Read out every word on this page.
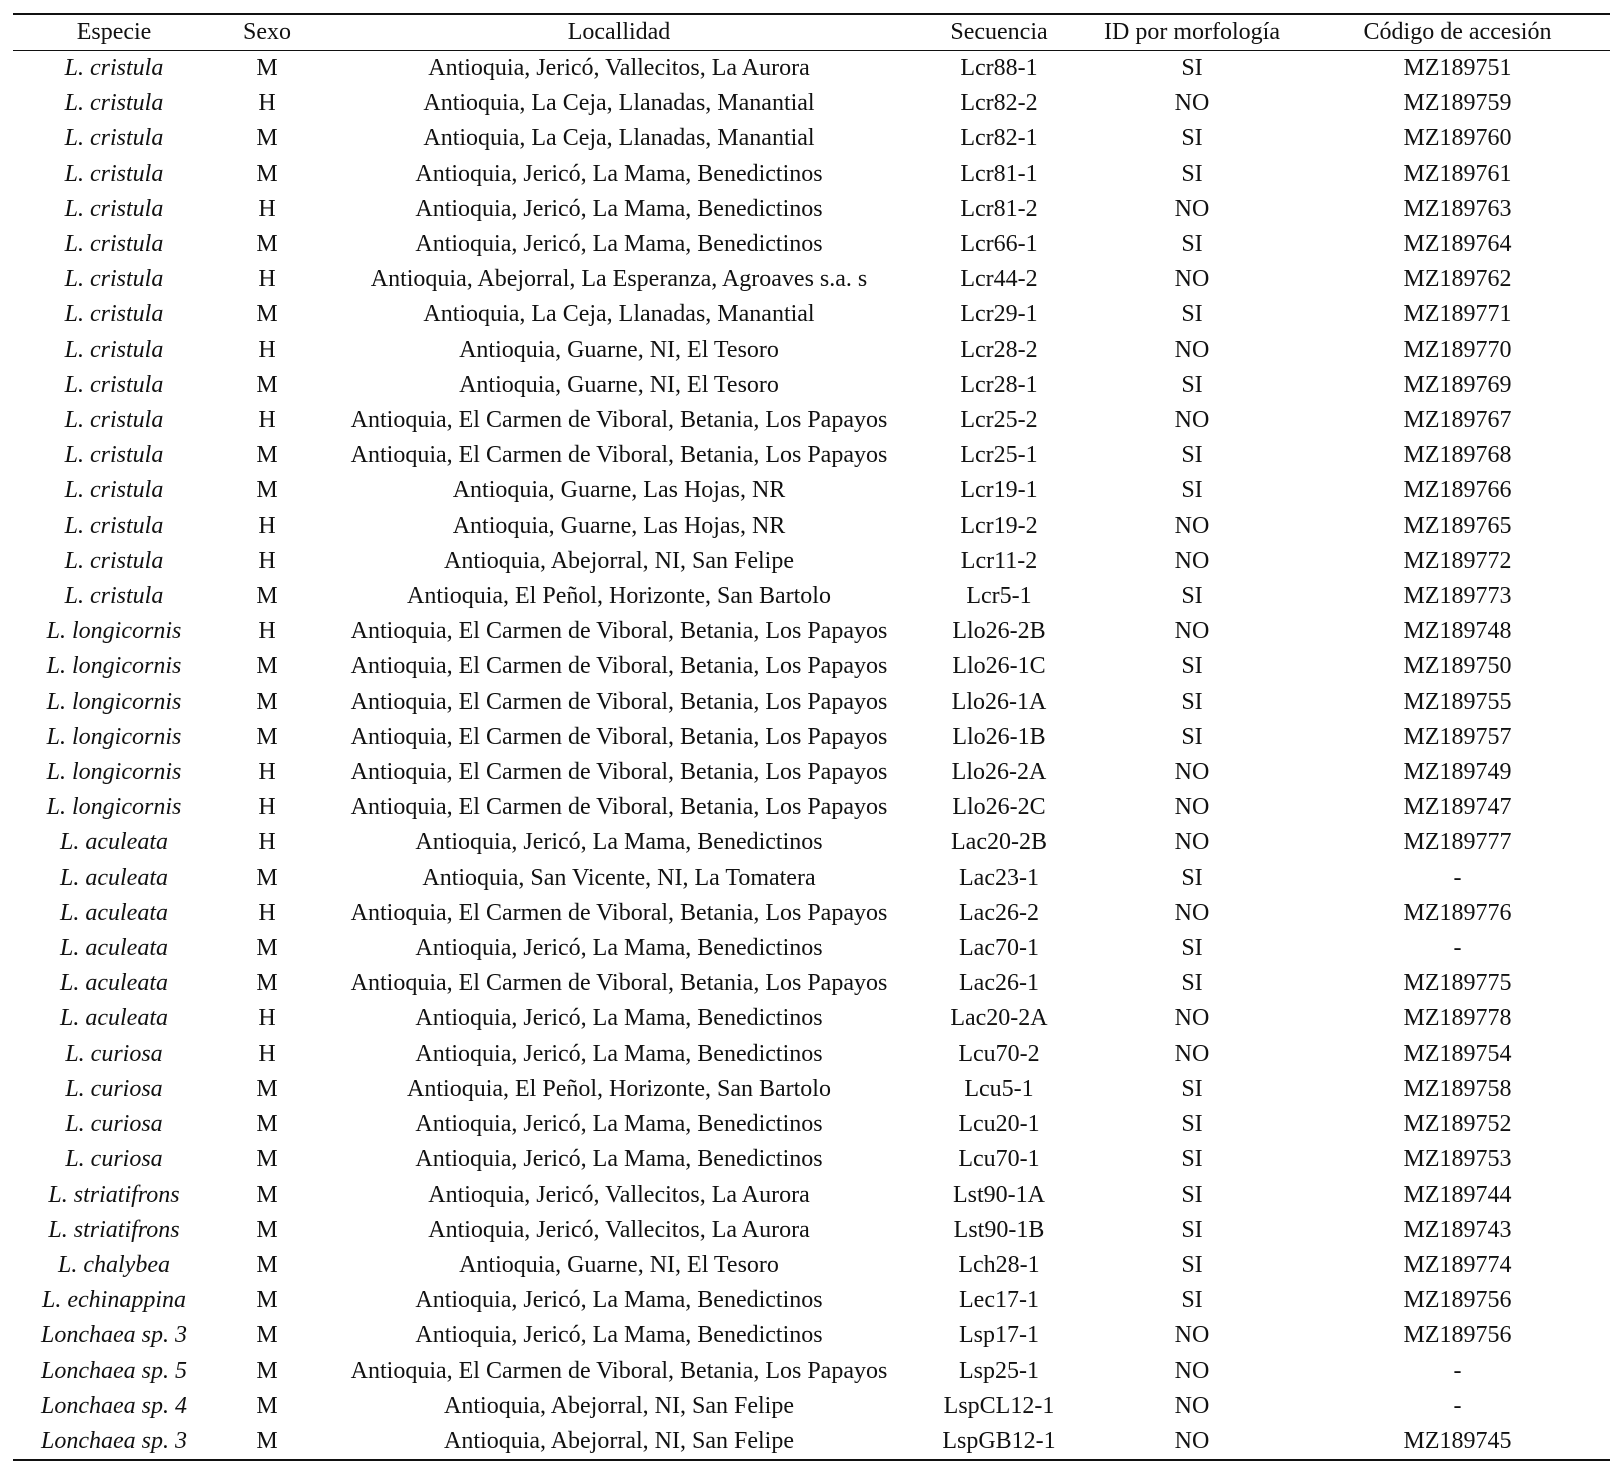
Especie	Sexo	Locallidad	Secuencia	ID por morfología	Código de accesión
L. cristula	M	Antioquia, Jericó, Vallecitos, La Aurora	Lcr88-1	SI	MZ189751
L. cristula	H	Antioquia, La Ceja, Llanadas, Manantial	Lcr82-2	NO	MZ189759
L. cristula	M	Antioquia, La Ceja, Llanadas, Manantial	Lcr82-1	SI	MZ189760
L. cristula	M	Antioquia, Jericó, La Mama, Benedictinos	Lcr81-1	SI	MZ189761
L. cristula	H	Antioquia, Jericó, La Mama, Benedictinos	Lcr81-2	NO	MZ189763
L. cristula	M	Antioquia, Jericó, La Mama, Benedictinos	Lcr66-1	SI	MZ189764
L. cristula	H	Antioquia, Abejorral, La Esperanza, Agroaves s.a. s	Lcr44-2	NO	MZ189762
L. cristula	M	Antioquia, La Ceja, Llanadas, Manantial	Lcr29-1	SI	MZ189771
L. cristula	H	Antioquia, Guarne, NI, El Tesoro	Lcr28-2	NO	MZ189770
L. cristula	M	Antioquia, Guarne, NI, El Tesoro	Lcr28-1	SI	MZ189769
L. cristula	H	Antioquia, El Carmen de Viboral, Betania, Los Papayos	Lcr25-2	NO	MZ189767
L. cristula	M	Antioquia, El Carmen de Viboral, Betania, Los Papayos	Lcr25-1	SI	MZ189768
L. cristula	M	Antioquia, Guarne, Las Hojas, NR	Lcr19-1	SI	MZ189766
L. cristula	H	Antioquia, Guarne, Las Hojas, NR	Lcr19-2	NO	MZ189765
L. cristula	H	Antioquia, Abejorral, NI, San Felipe	Lcr11-2	NO	MZ189772
L. cristula	M	Antioquia, El Peñol, Horizonte, San Bartolo	Lcr5-1	SI	MZ189773
L. longicornis	H	Antioquia, El Carmen de Viboral, Betania, Los Papayos	Llo26-2B	NO	MZ189748
L. longicornis	M	Antioquia, El Carmen de Viboral, Betania, Los Papayos	Llo26-1C	SI	MZ189750
L. longicornis	M	Antioquia, El Carmen de Viboral, Betania, Los Papayos	Llo26-1A	SI	MZ189755
L. longicornis	M	Antioquia, El Carmen de Viboral, Betania, Los Papayos	Llo26-1B	SI	MZ189757
L. longicornis	H	Antioquia, El Carmen de Viboral, Betania, Los Papayos	Llo26-2A	NO	MZ189749
L. longicornis	H	Antioquia, El Carmen de Viboral, Betania, Los Papayos	Llo26-2C	NO	MZ189747
L. aculeata	H	Antioquia, Jericó, La Mama, Benedictinos	Lac20-2B	NO	MZ189777
L. aculeata	M	Antioquia, San Vicente, NI, La Tomatera	Lac23-1	SI	-
L. aculeata	H	Antioquia, El Carmen de Viboral, Betania, Los Papayos	Lac26-2	NO	MZ189776
L. aculeata	M	Antioquia, Jericó, La Mama, Benedictinos	Lac70-1	SI	-
L. aculeata	M	Antioquia, El Carmen de Viboral, Betania, Los Papayos	Lac26-1	SI	MZ189775
L. aculeata	H	Antioquia, Jericó, La Mama, Benedictinos	Lac20-2A	NO	MZ189778
L. curiosa	H	Antioquia, Jericó, La Mama, Benedictinos	Lcu70-2	NO	MZ189754
L. curiosa	M	Antioquia, El Peñol, Horizonte, San Bartolo	Lcu5-1	SI	MZ189758
L. curiosa	M	Antioquia, Jericó, La Mama, Benedictinos	Lcu20-1	SI	MZ189752
L. curiosa	M	Antioquia, Jericó, La Mama, Benedictinos	Lcu70-1	SI	MZ189753
L. striatifrons	M	Antioquia, Jericó, Vallecitos, La Aurora	Lst90-1A	SI	MZ189744
L. striatifrons	M	Antioquia, Jericó, Vallecitos, La Aurora	Lst90-1B	SI	MZ189743
L. chalybea	M	Antioquia, Guarne, NI, El Tesoro	Lch28-1	SI	MZ189774
L. echinappina	M	Antioquia, Jericó, La Mama, Benedictinos	Lec17-1	SI	MZ189756
Lonchaea sp. 3	M	Antioquia, Jericó, La Mama, Benedictinos	Lsp17-1	NO	MZ189756
Lonchaea sp. 5	M	Antioquia, El Carmen de Viboral, Betania, Los Papayos	Lsp25-1	NO	-
Lonchaea sp. 4	M	Antioquia, Abejorral, NI, San Felipe	LspCL12-1	NO	-
Lonchaea sp. 3	M	Antioquia, Abejorral, NI, San Felipe	LspGB12-1	NO	MZ189745
